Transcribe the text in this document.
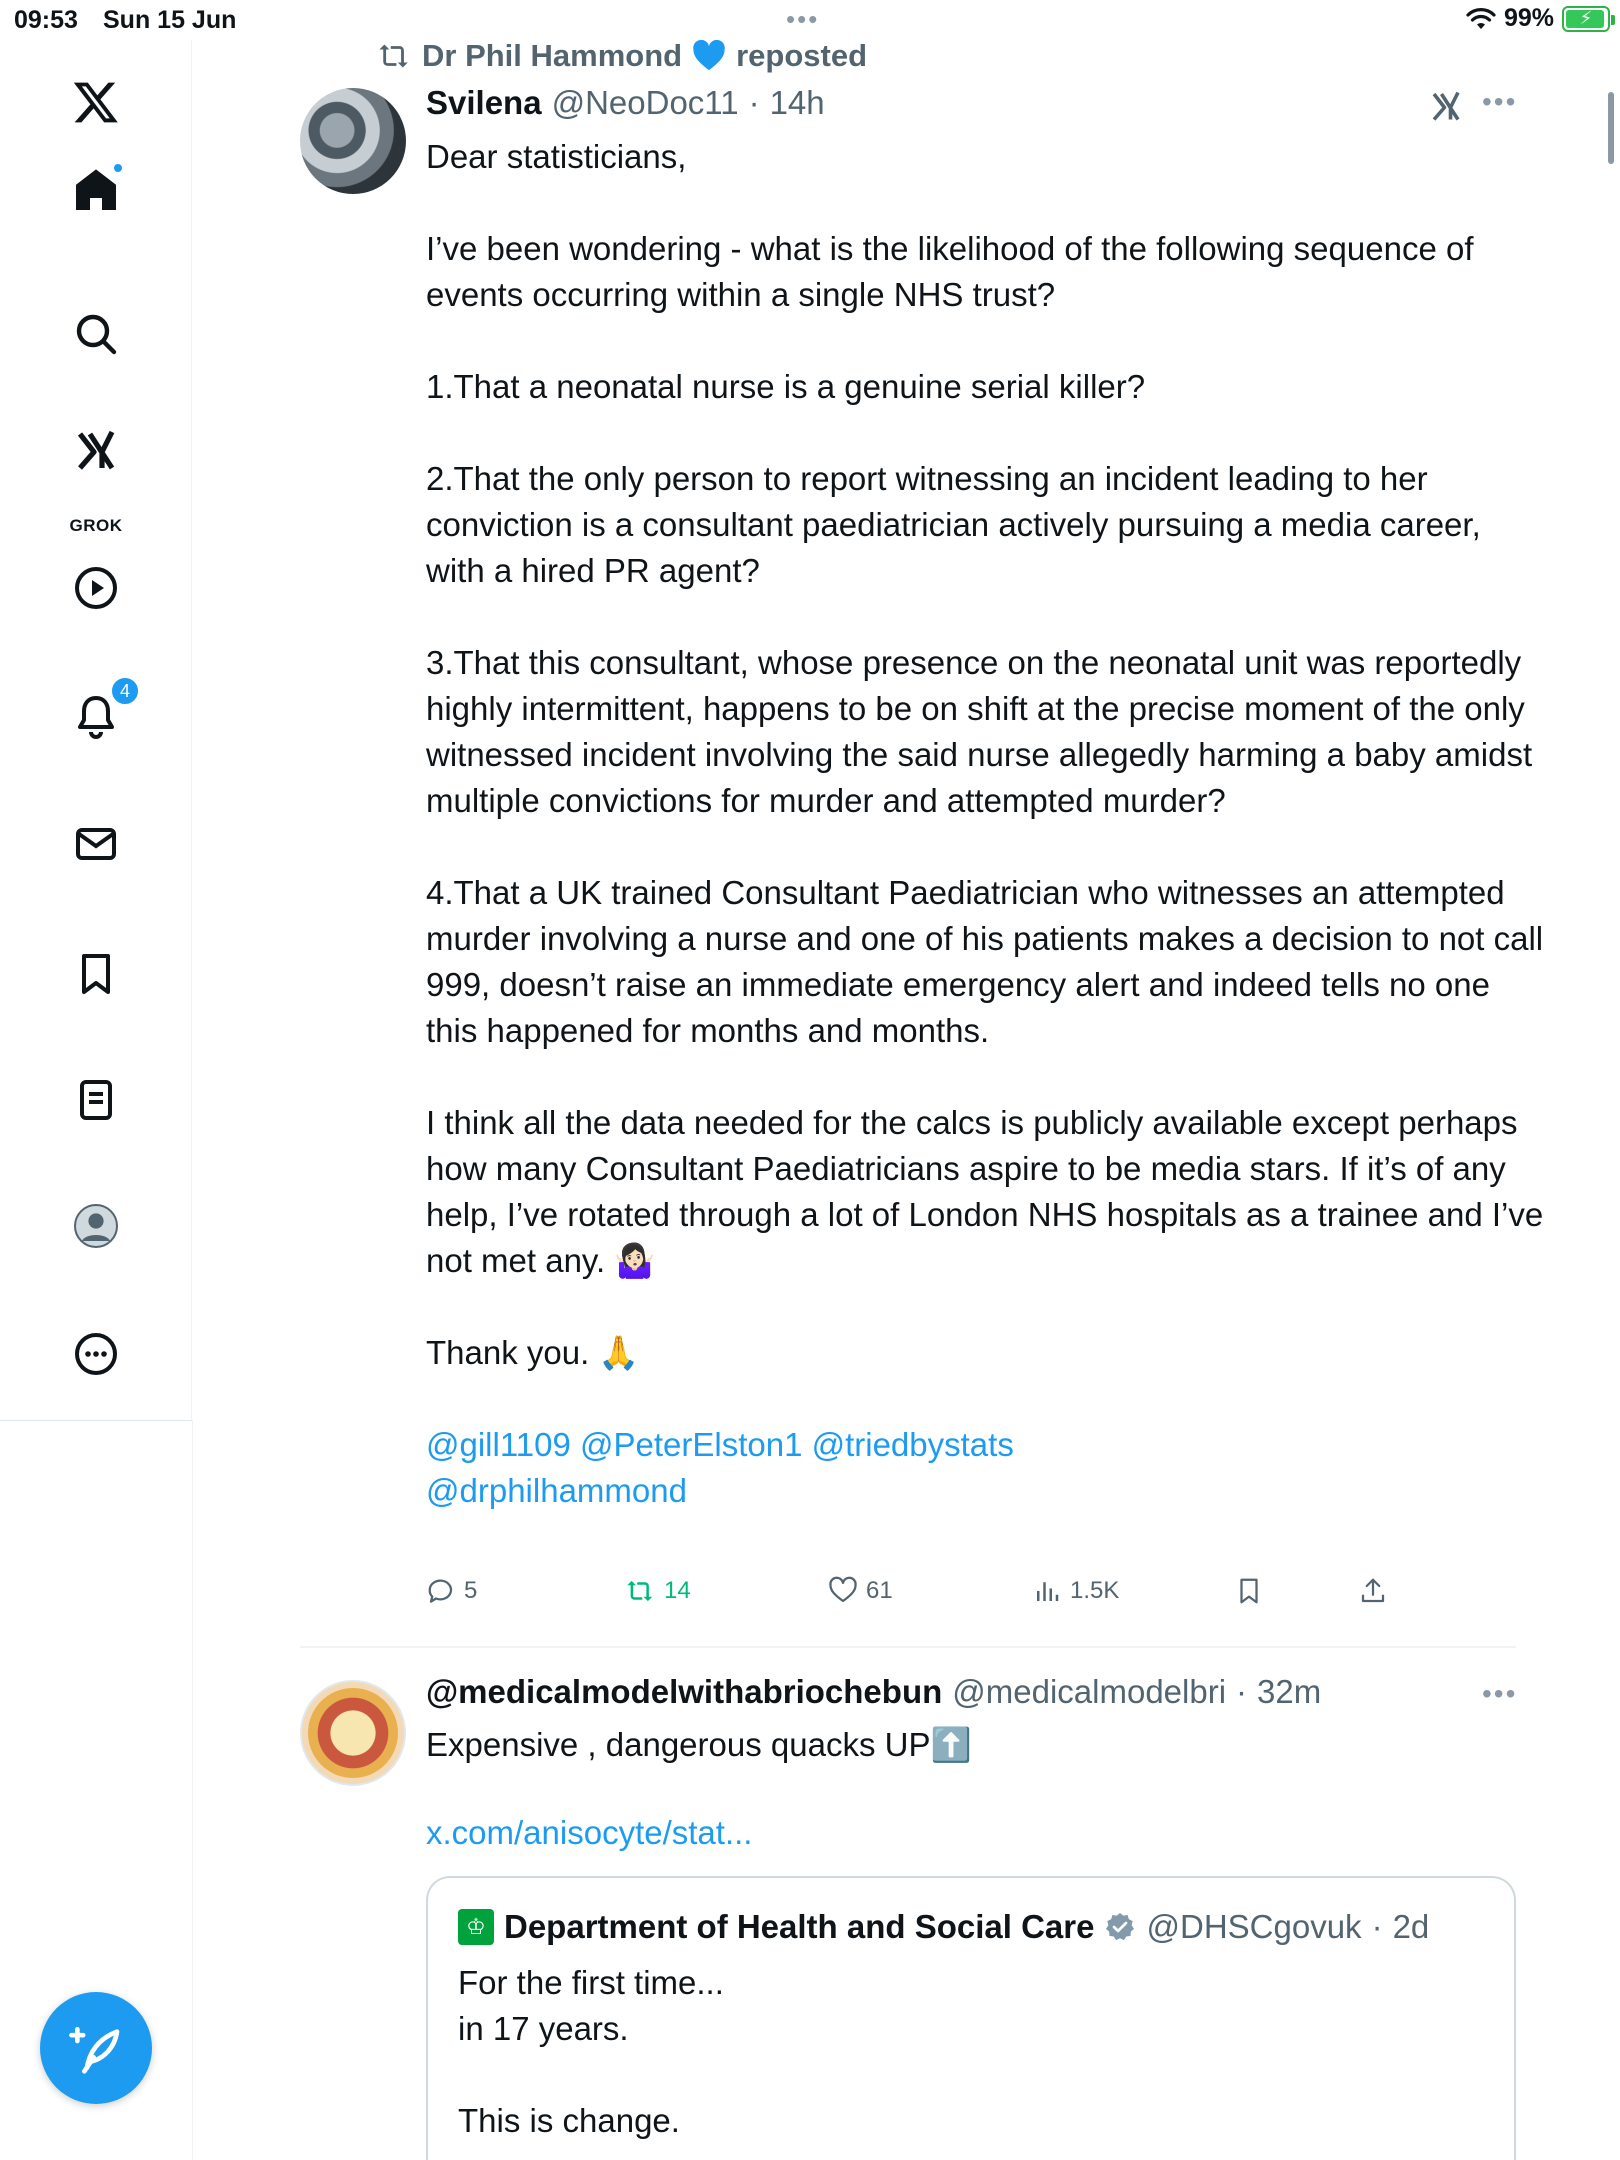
09:53 Sun 15 Jun	•••	99% ⚡
GROK
4
Dr Phil Hammond reposted
Svilena @NeoDoc11 · 14h	•••

Dear statisticians,

I’ve been wondering - what is the likelihood of the following sequence of events occurring within a single NHS trust?

1.That a neonatal nurse is a genuine serial killer?

2.That the only person to report witnessing an incident leading to her conviction is a consultant paediatrician actively pursuing a media career, with a hired PR agent?

3.That this consultant, whose presence on the neonatal unit was reportedly highly intermittent, happens to be on shift at the precise moment of the only witnessed incident involving the said nurse allegedly harming a baby amidst multiple convictions for murder and attempted murder?

4.That a UK trained Consultant Paediatrician who witnesses an attempted murder involving a nurse and one of his patients makes a decision to not call 999, doesn’t raise an immediate emergency alert and indeed tells no one this happened for months and months.

I think all the data needed for the calcs is publicly available except perhaps how many Consultant Paediatricians aspire to be media stars. If it’s of any help, I’ve rotated through a lot of London NHS hospitals as a trainee and I’ve not met any. 🤷🏻‍♀️

Thank you. 🙏

@gill1109 @PeterElston1 @triedbystats

@drphilhammond

5	14	61	1.5K
@medicalmodelwithabriochebun @medicalmodelbri · 32m	•••
Expensive , dangerous quacks UP⬆️
x.com/anisocyte/stat...
♔ Department of Health and Social Care @DHSCgovuk · 2d
For the first time...

in 17 years.

This is change.
